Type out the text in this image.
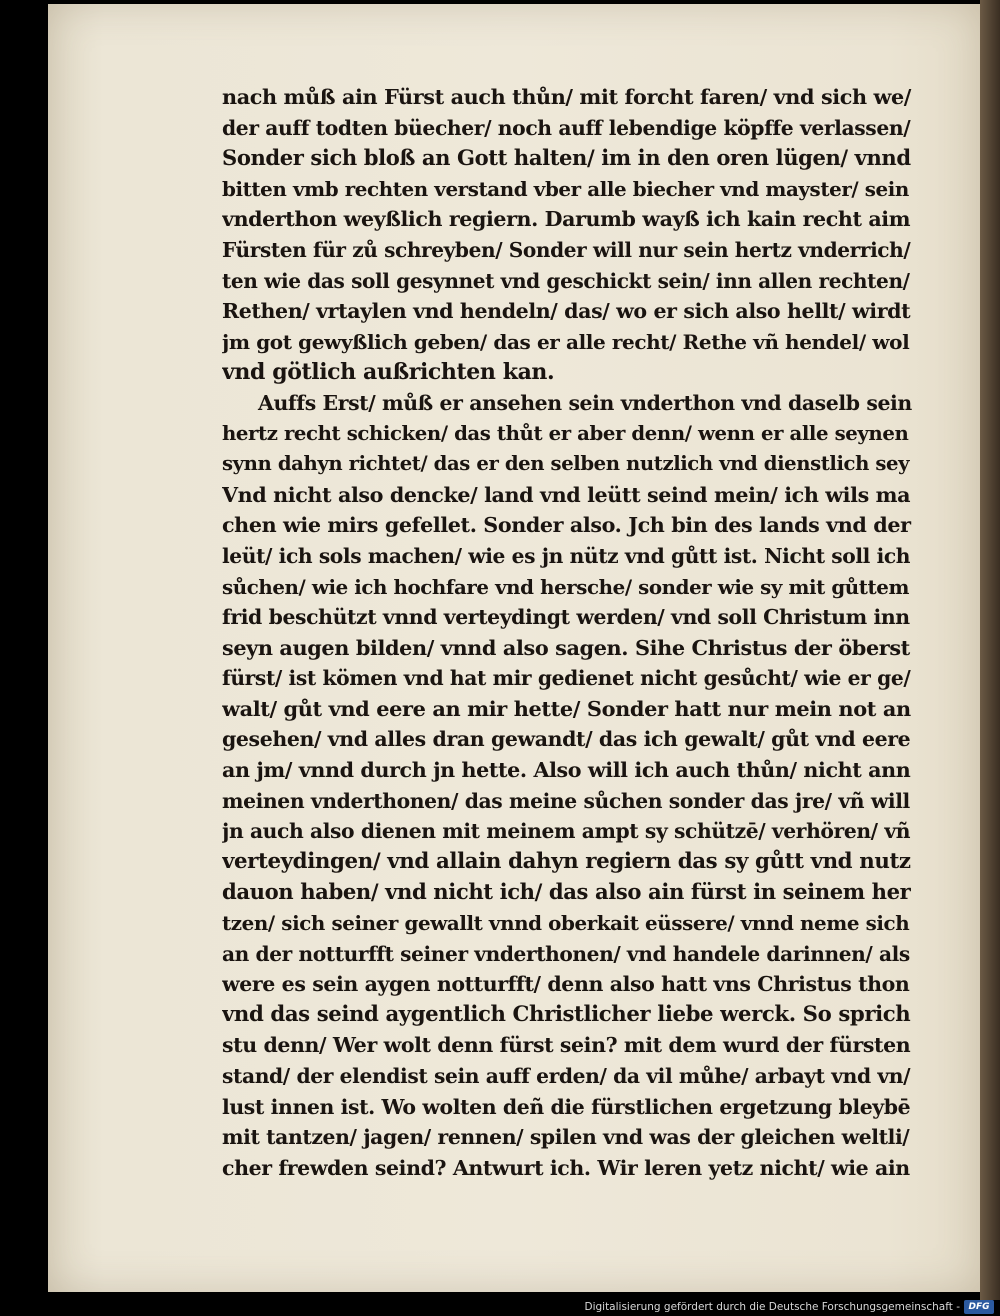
nach můß ain Fürst auch thůn/ mit forcht faren/ vnd sich we/
der auff todten büecher/ noch auff lebendige köpffe verlassen/
Sonder sich bloß an Gott halten/ im in den oren lügen/ vnnd
bitten vmb rechten verstand vber alle biecher vnd mayster/ sein
vnderthon weyßlich regiern. Darumb wayß ich kain recht aim
Fürsten für zů schreyben/ Sonder will nur sein hertz vnderrich/
ten wie das soll gesynnet vnd geschickt sein/ inn allen rechten/
Rethen/ vrtaylen vnd hendeln/ das/ wo er sich also hellt/ wirdt
jm got gewyßlich geben/ das er alle recht/ Rethe vñ hendel/ wol
vnd götlich außrichten kan.
Auffs Erst/ můß er ansehen sein vnderthon vnd daselb sein
hertz recht schicken/ das thůt er aber denn/ wenn er alle seynen
synn dahyn richtet/ das er den selben nutzlich vnd dienstlich sey
Vnd nicht also dencke/ land vnd leütt seind mein/ ich wils ma
chen wie mirs gefellet. Sonder also. Jch bin des lands vnd der
leüt/ ich sols machen/ wie es jn nütz vnd gůtt ist. Nicht soll ich
sůchen/ wie ich hochfare vnd hersche/ sonder wie sy mit gůttem
frid beschützt vnnd verteydingt werden/ vnd soll Christum inn
seyn augen bilden/ vnnd also sagen. Sihe Christus der öberst
fürst/ ist kömen vnd hat mir gedienet nicht gesůcht/ wie er ge/
walt/ gůt vnd eere an mir hette/ Sonder hatt nur mein not an
gesehen/ vnd alles dran gewandt/ das ich gewalt/ gůt vnd eere
an jm/ vnnd durch jn hette. Also will ich auch thůn/ nicht ann
meinen vnderthonen/ das meine sůchen sonder das jre/ vñ will
jn auch also dienen mit meinem ampt sy schützē/ verhören/ vñ
verteydingen/ vnd allain dahyn regiern das sy gůtt vnd nutz
dauon haben/ vnd nicht ich/ das also ain fürst in seinem her
tzen/ sich seiner gewallt vnnd oberkait eüssere/ vnnd neme sich
an der notturfft seiner vnderthonen/ vnd handele darinnen/ als
were es sein aygen notturfft/ denn also hatt vns Christus thon
vnd das seind aygentlich Christlicher liebe werck. So sprich
stu denn/ Wer wolt denn fürst sein? mit dem wurd der fürsten
stand/ der elendist sein auff erden/ da vil můhe/ arbayt vnd vn/
lust innen ist. Wo wolten deñ die fürstlichen ergetzung bleybē
mit tantzen/ jagen/ rennen/ spilen vnd was der gleichen weltli/
cher frewden seind? Antwurt ich. Wir leren yetz nicht/ wie ain
Digitalisierung gefördert durch die Deutsche Forschungsgemeinschaft - DFG
